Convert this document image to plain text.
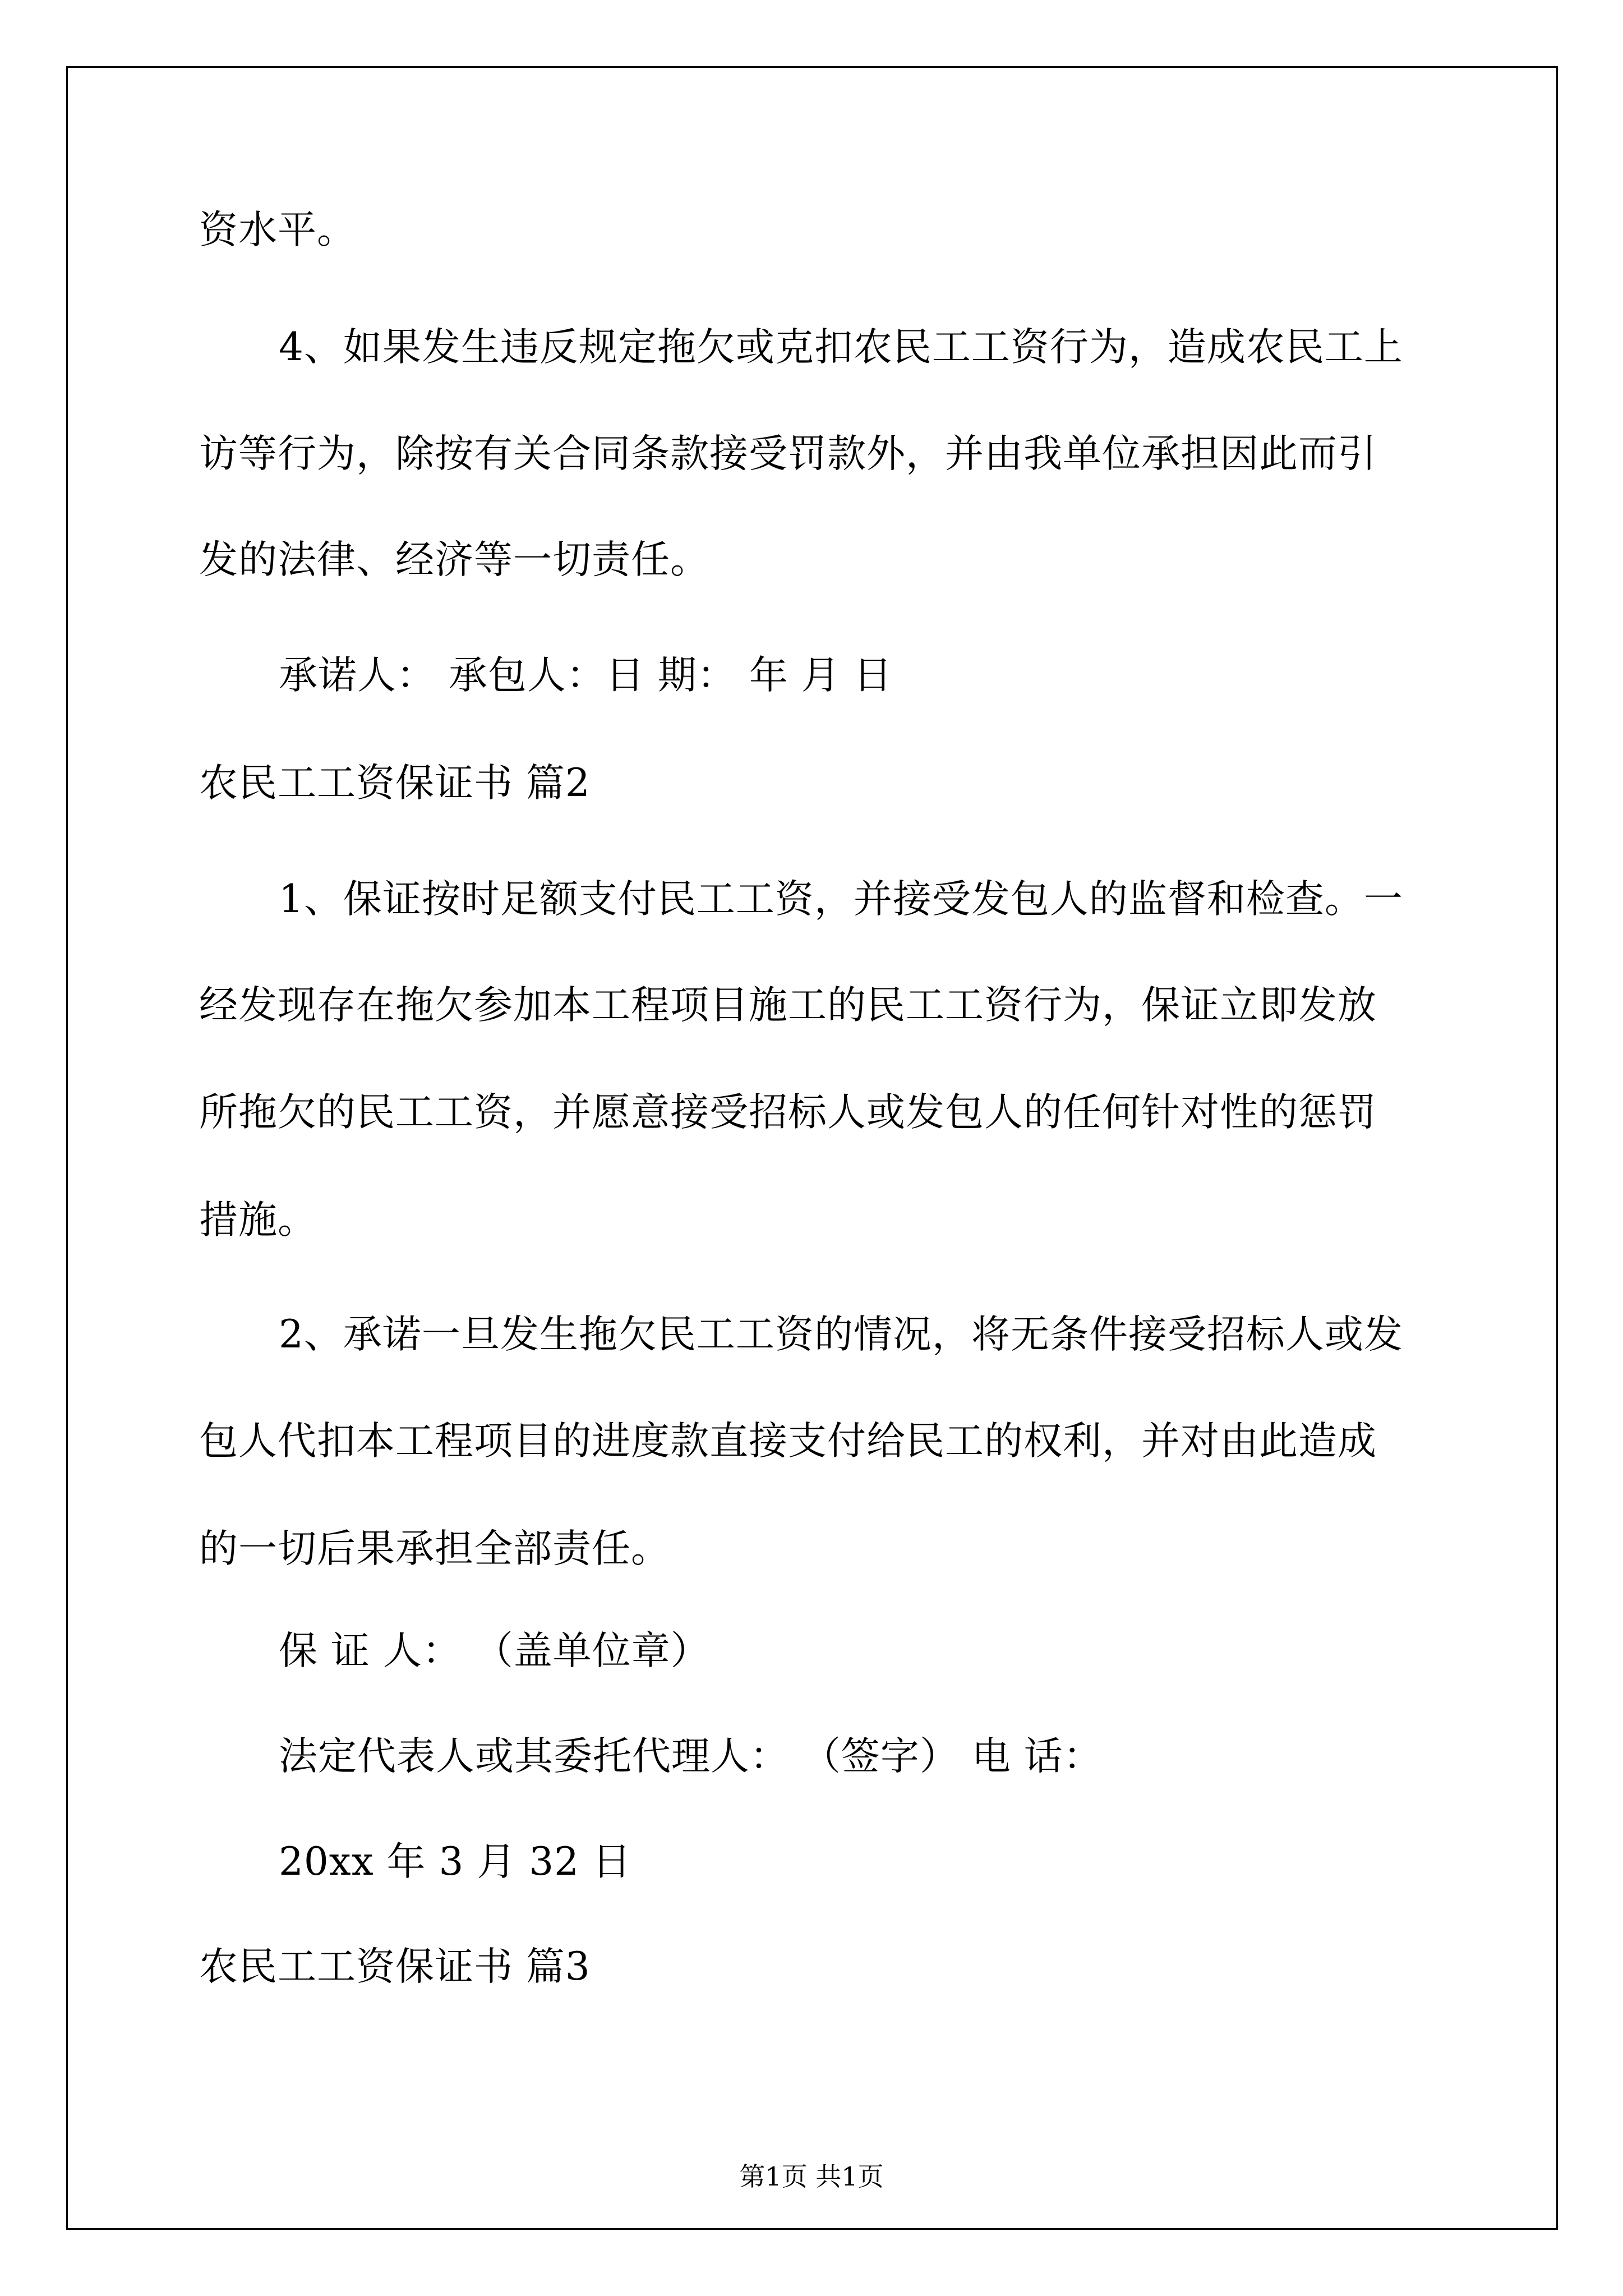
资水平。
4、如果发生违反规定拖欠或克扣农民工工资行为，造成农民工上
访等行为，除按有关合同条款接受罚款外，并由我单位承担因此而引
发的法律、经济等一切责任。
承诺人： 承包人：日 期： 年 月 日
农民工工资保证书 篇2
1、保证按时足额支付民工工资，并接受发包人的监督和检查。一
经发现存在拖欠参加本工程项目施工的民工工资行为，保证立即发放
所拖欠的民工工资，并愿意接受招标人或发包人的任何针对性的惩罚
措施。
2、承诺一旦发生拖欠民工工资的情况，将无条件接受招标人或发
包人代扣本工程项目的进度款直接支付给民工的权利，并对由此造成
的一切后果承担全部责任。
保 证 人： （盖单位章）
法定代表人或其委托代理人： （签字） 电 话：
20xx 年 3 月 32 日
农民工工资保证书 篇3
第1页 共1页
